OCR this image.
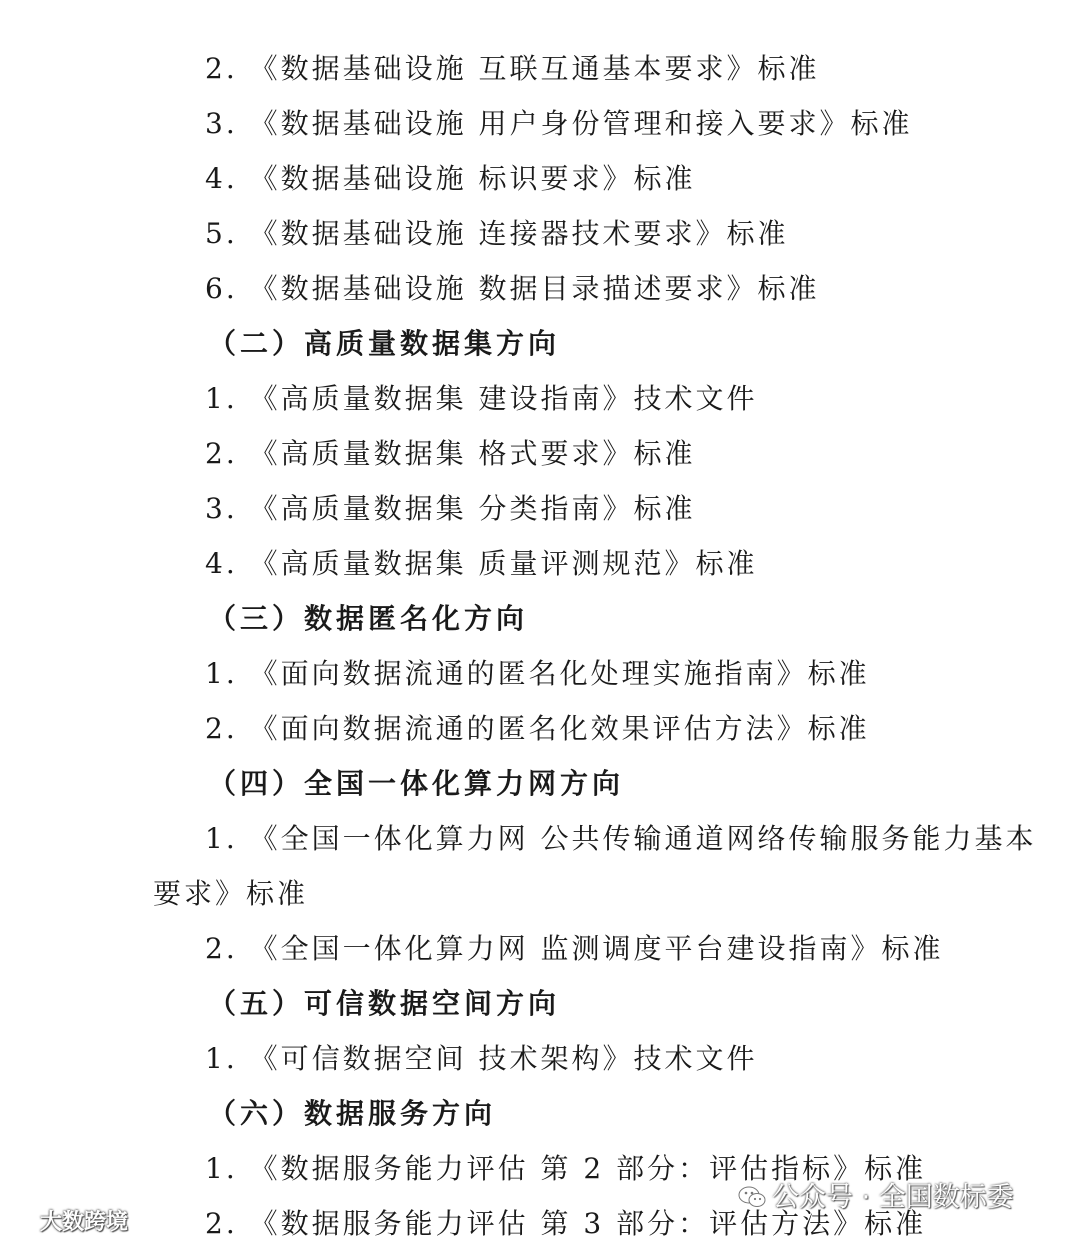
2. 《数据基础设施 互联互通基本要求》标准
3. 《数据基础设施 用户身份管理和接入要求》标准
4. 《数据基础设施 标识要求》标准
5. 《数据基础设施 连接器技术要求》标准
6. 《数据基础设施 数据目录描述要求》标准
（二）高质量数据集方向
1. 《高质量数据集 建设指南》技术文件
2. 《高质量数据集 格式要求》标准
3. 《高质量数据集 分类指南》标准
4. 《高质量数据集 质量评测规范》标准
（三）数据匿名化方向
1. 《面向数据流通的匿名化处理实施指南》标准
2. 《面向数据流通的匿名化效果评估方法》标准
（四）全国一体化算力网方向
1. 《全国一体化算力网 公共传输通道网络传输服务能力基本
要求》标准
2. 《全国一体化算力网 监测调度平台建设指南》标准
（五）可信数据空间方向
1. 《可信数据空间 技术架构》技术文件
（六）数据服务方向
1. 《数据服务能力评估 第 2 部分：评估指标》标准
2. 《数据服务能力评估 第 3 部分：评估方法》标准
大数跨境
公众号 · 全国数标委
